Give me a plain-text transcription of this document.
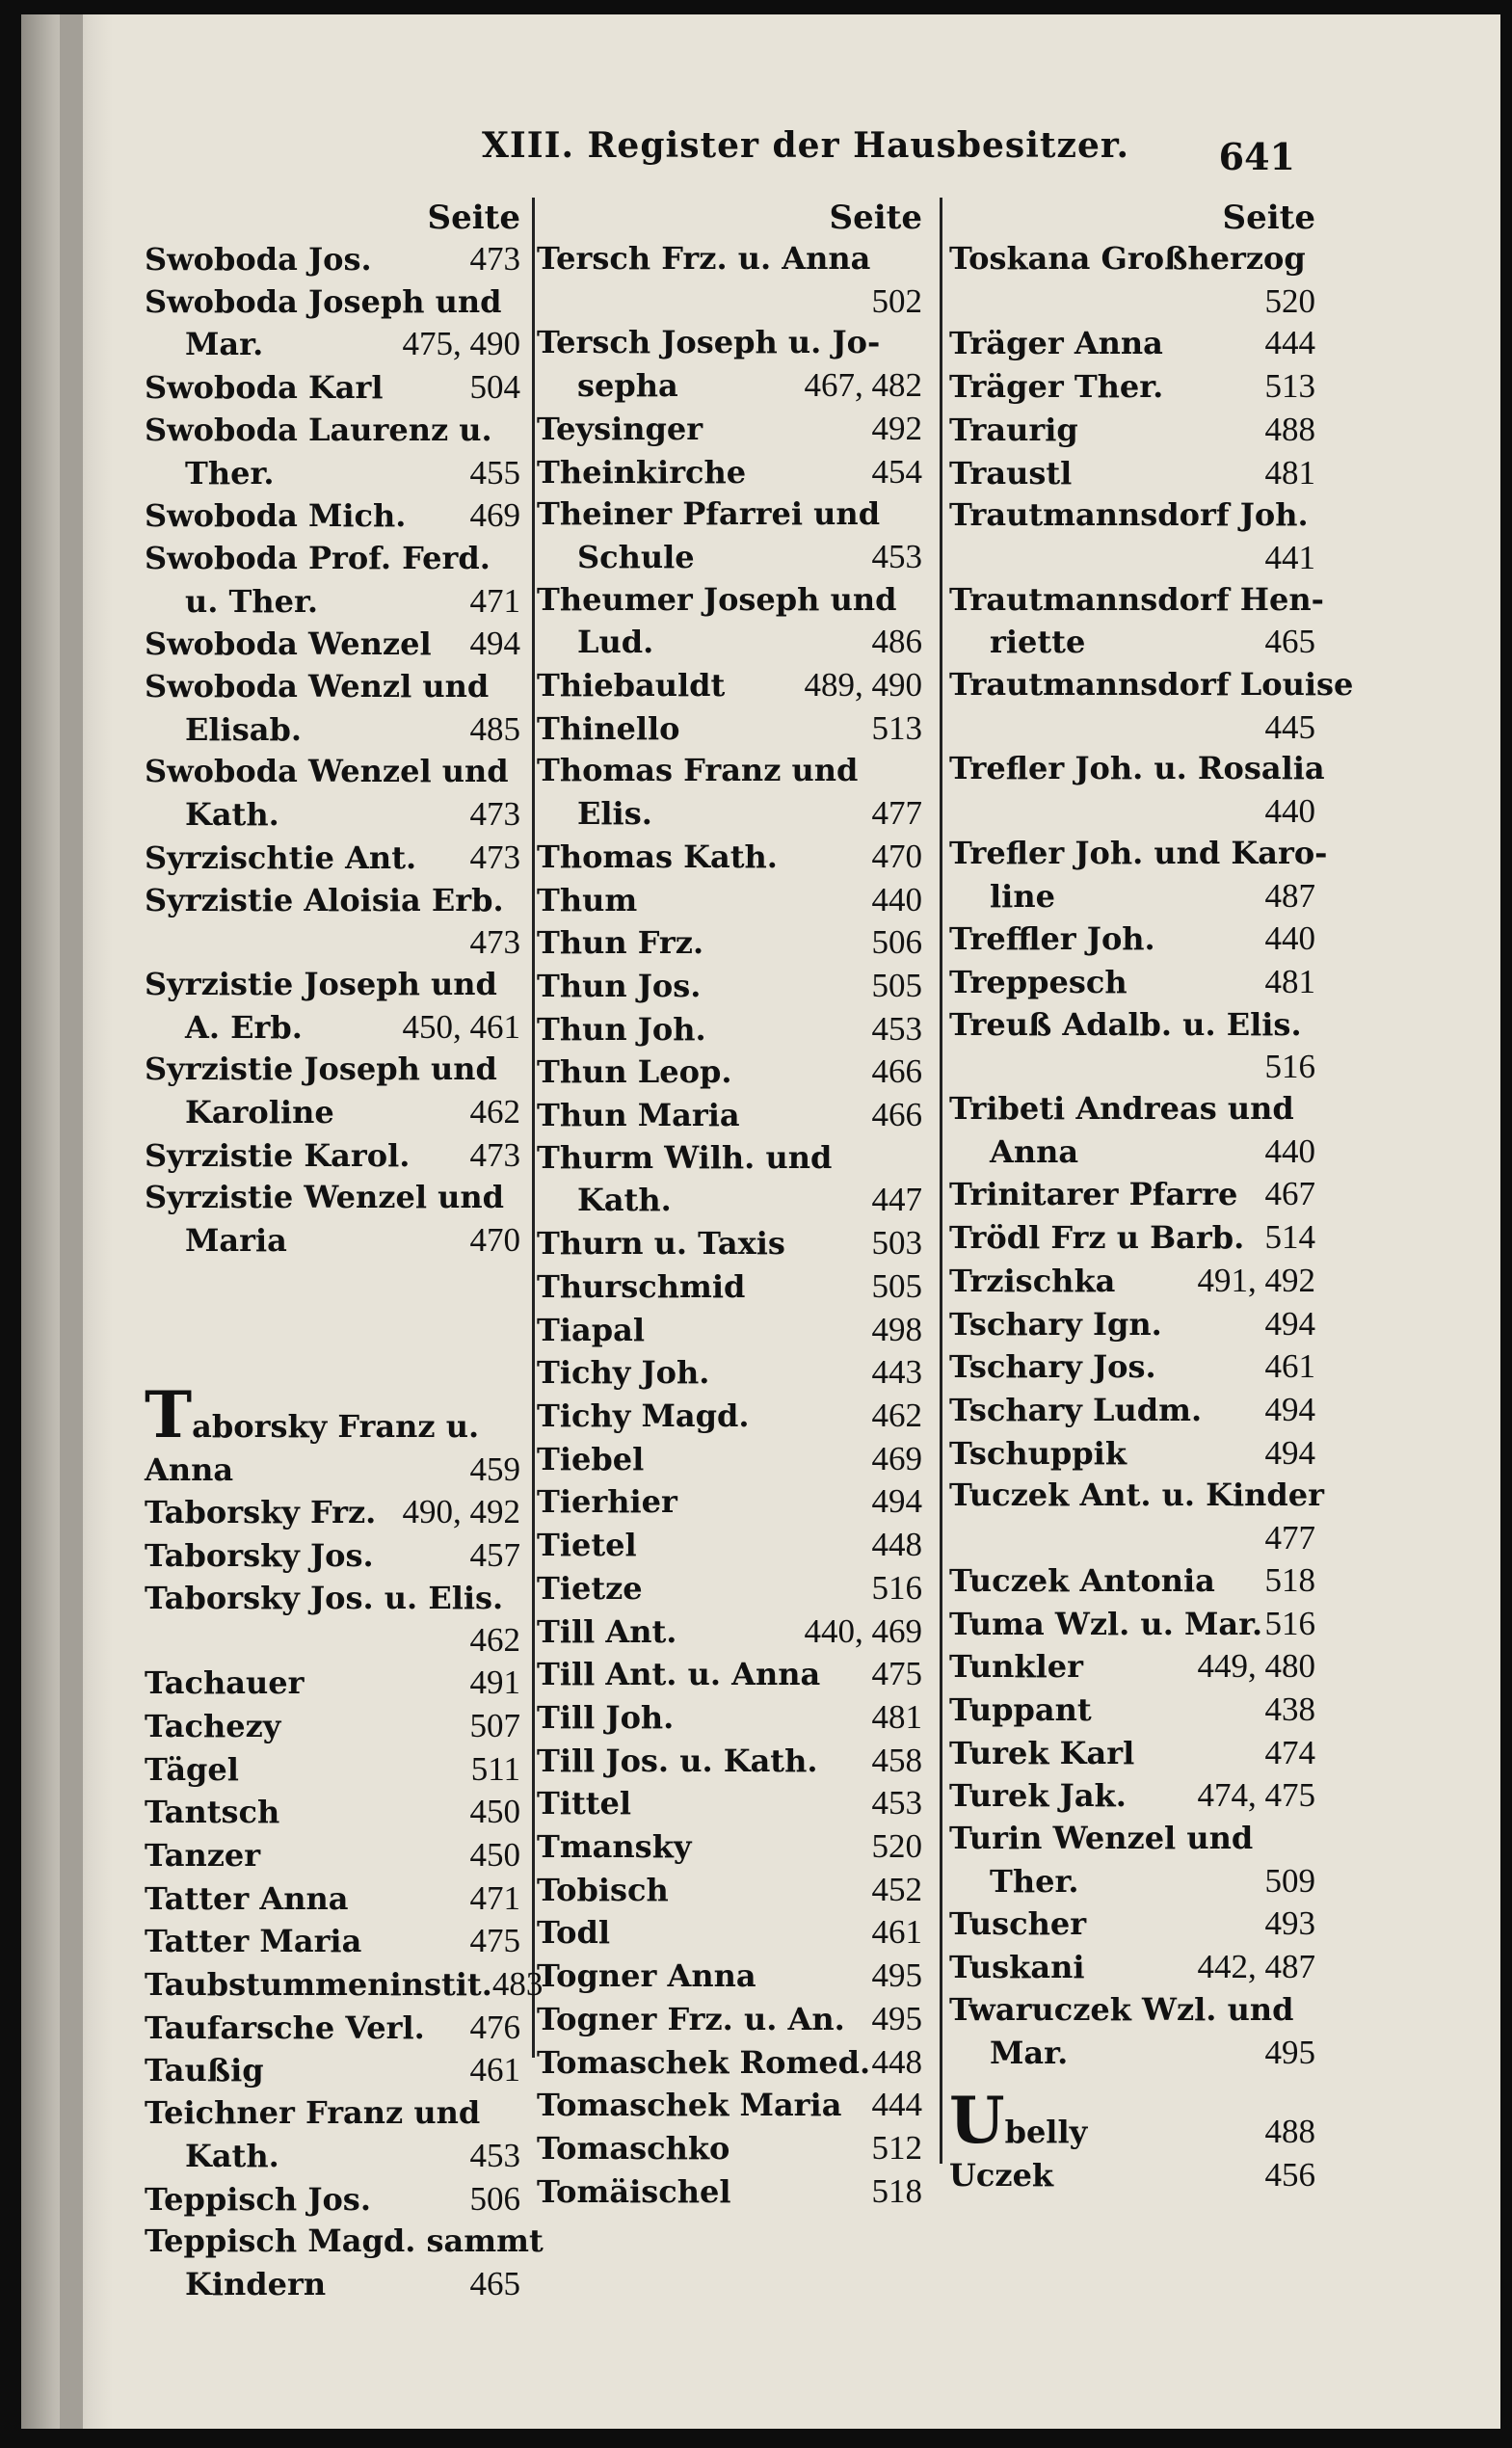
XIII. Register der Hausbesitzer.	641
Seite
Swoboda Jos.	473
Swoboda Joseph und
Mar.	475, 490
Swoboda Karl	504
Swoboda Laurenz u.
Ther.	455
Swoboda Mich.	469
Swoboda Prof. Ferd.
u. Ther.	471
Swoboda Wenzel	494
Swoboda Wenzl und
Elisab.	485
Swoboda Wenzel und
Kath.	473
Syrzischtie Ant.	473
Syrzistie Aloisia Erb.
473
Syrzistie Joseph und
A. Erb.	450, 461
Syrzistie Joseph und
Karoline	462
Syrzistie Karol.	473
Syrzistie Wenzel und
Maria	470
Taborsky Franz u.
Anna	459
Taborsky Frz. 490, 492
Taborsky Jos.	457
Taborsky Jos. u. Elis.
462
Tachauer	491
Tachezy	507
Tägel	511
Tantsch	450
Tanzer	450
Tatter Anna	471
Tatter Maria	475
Taubstummeninstit. 483
Taufarsche Verl.	476
Taußig	461
Teichner Franz und
Kath.	453
Teppisch Jos.	506
Teppisch Magd. sammt
Kindern	465
Seite
Tersch Frz. u. Anna
502
Tersch Joseph u. Jo-
sepha	467, 482
Teysinger	492
Theinkirche	454
Theiner Pfarrei und
Schule	453
Theumer Joseph und
Lud.	486
Thiebauldt	489, 490
Thinello	513
Thomas Franz und
Elis.	477
Thomas Kath.	470
Thum	440
Thun Frz.	506
Thun Jos.	505
Thun Joh.	453
Thun Leop.	466
Thun Maria	466
Thurm Wilh. und
Kath.	447
Thurn u. Taxis	503
Thurschmid	505
Tiapal	498
Tichy Joh.	443
Tichy Magd.	462
Tiebel	469
Tierhier	494
Tietel	448
Tietze	516
Till Ant.	440, 469
Till Ant. u. Anna	475
Till Joh.	481
Till Jos. u. Kath.	458
Tittel	453
Tmansky	520
Tobisch	452
Todl	461
Togner Anna	495
Togner Frz. u. An. 495
Tomaschek Romed. 448
Tomaschek Maria 444
Tomaschko	512
Tomäischel	518
Seite
Toskana Großherzog
520
Träger Anna	444
Träger Ther.	513
Traurig	488
Traustl	481
Trautmannsdorf Joh.
441
Trautmannsdorf Hen-
riette	465
Trautmannsdorf Louise
445
Trefler Joh. u. Rosalia
440
Trefler Joh. und Karo-
line	487
Treffler Joh.	440
Treppesch	481
Treuß Adalb. u. Elis.
516
Tribeti Andreas und
Anna	440
Trinitarer Pfarre 467
Trödl Frz u Barb. 514
Trzischka	491, 492
Tschary Ign.	494
Tschary Jos.	461
Tschary Ludm.	494
Tschuppik	494
Tuczek Ant. u. Kinder
477
Tuczek Antonia	518
Tuma Wzl. u. Mar. 516
Tunkler	449, 480
Tuppant	438
Turek Karl	474
Turek Jak.	474, 475
Turin Wenzel und
Ther.	509
Tuscher	493
Tuskani	442, 487
Twaruczek Wzl. und
Mar.	495
Ubelly	488
Uczek	456
